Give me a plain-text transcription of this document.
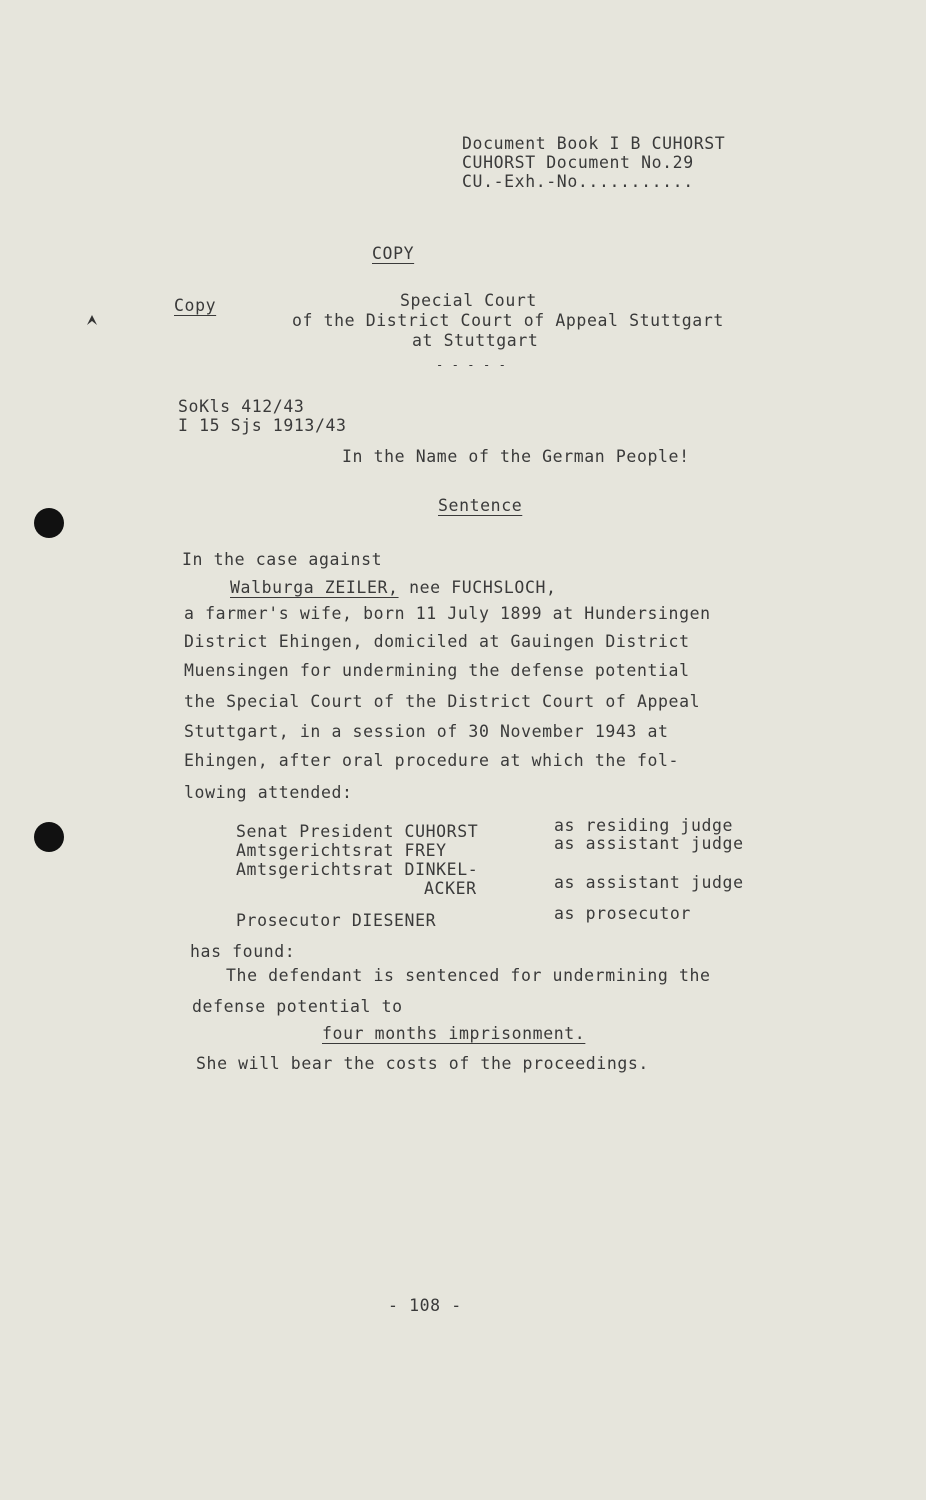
Document Book I B CUHORST
CUHORST Document No.29
CU.-Exh.-No...........
COPY
Copy	Special Court
of the District Court of Appeal Stuttgart
at Stuttgart
- - - - -
SoKls 412/43
I 15 Sjs 1913/43
In the Name of the German People!
Sentence
In the case against
Walburga ZEILER, nee FUCHSLOCH,
a farmer's wife, born 11 July 1899 at Hundersingen
District Ehingen, domiciled at Gauingen District
Muensingen for undermining the defense potential
the Special Court of the District Court of Appeal
Stuttgart, in a session of 30 November 1943 at
Ehingen, after oral procedure at which the fol-
lowing attended:
Senat President CUHORST	as residing judge
Amtsgerichtsrat FREY	as assistant judge
Amtsgerichtsrat DINKEL-
ACKER	as assistant judge
Prosecutor DIESENER	as prosecutor
has found:
The defendant is sentenced for undermining the
defense potential to
four months imprisonment.
She will bear the costs of the proceedings.
- 108 -
